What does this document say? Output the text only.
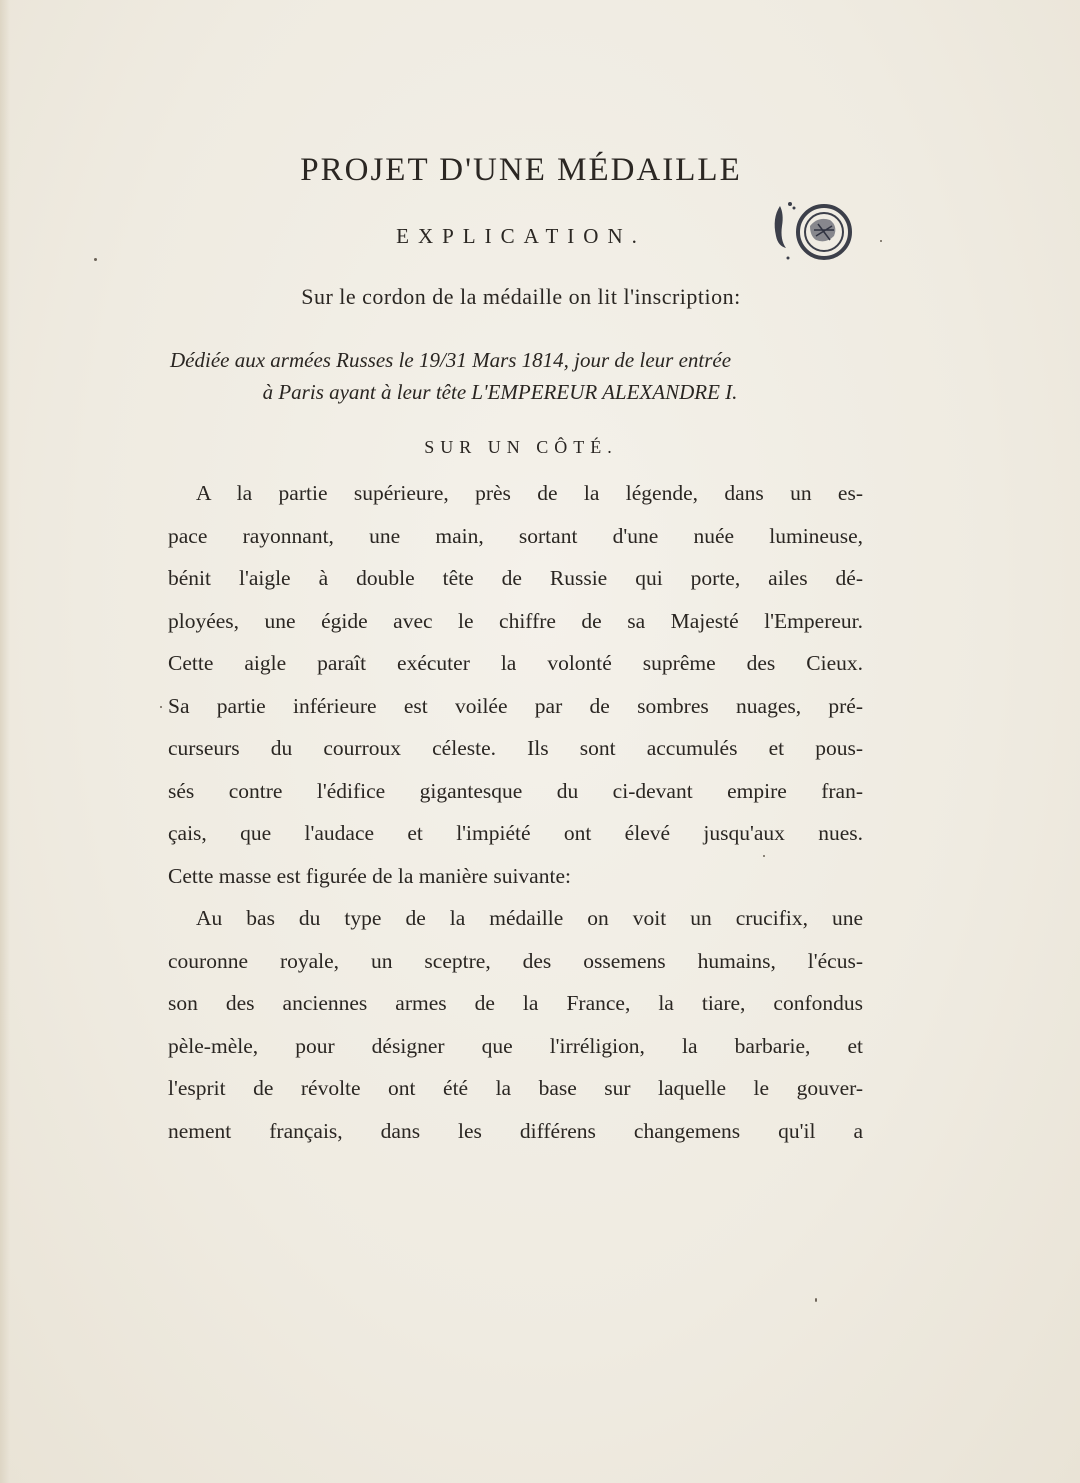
PROJET D'UNE MÉDAILLE
EXPLICATION.
Sur le cordon de la médaille on lit l'inscription:
Dédiée aux armées Russes le 19/31 Mars 1814, jour de leur entrée
à Paris ayant à leur tête L'EMPEREUR ALEXANDRE I.
SUR UN CÔTÉ.
A la partie supérieure, près de la légende, dans un es-
pace rayonnant, une main, sortant d'une nuée lumineuse,
bénit l'aigle à double tête de Russie qui porte, ailes dé-
ployées, une égide avec le chiffre de sa Majesté l'Empereur.
Cette aigle paraît exécuter la volonté suprême des Cieux.
Sa partie inférieure est voilée par de sombres nuages, pré-
curseurs du courroux céleste. Ils sont accumulés et pous-
sés contre l'édifice gigantesque du ci-devant empire fran-
çais, que l'audace et l'impiété ont élevé jusqu'aux nues.
Cette masse est figurée de la manière suivante:
Au bas du type de la médaille on voit un crucifix, une
couronne royale, un sceptre, des ossemens humains, l'écus-
son des anciennes armes de la France, la tiare, confondus
pèle-mèle, pour désigner que l'irréligion, la barbarie, et
l'esprit de révolte ont été la base sur laquelle le gouver-
nement français, dans les différens changemens qu'il a
